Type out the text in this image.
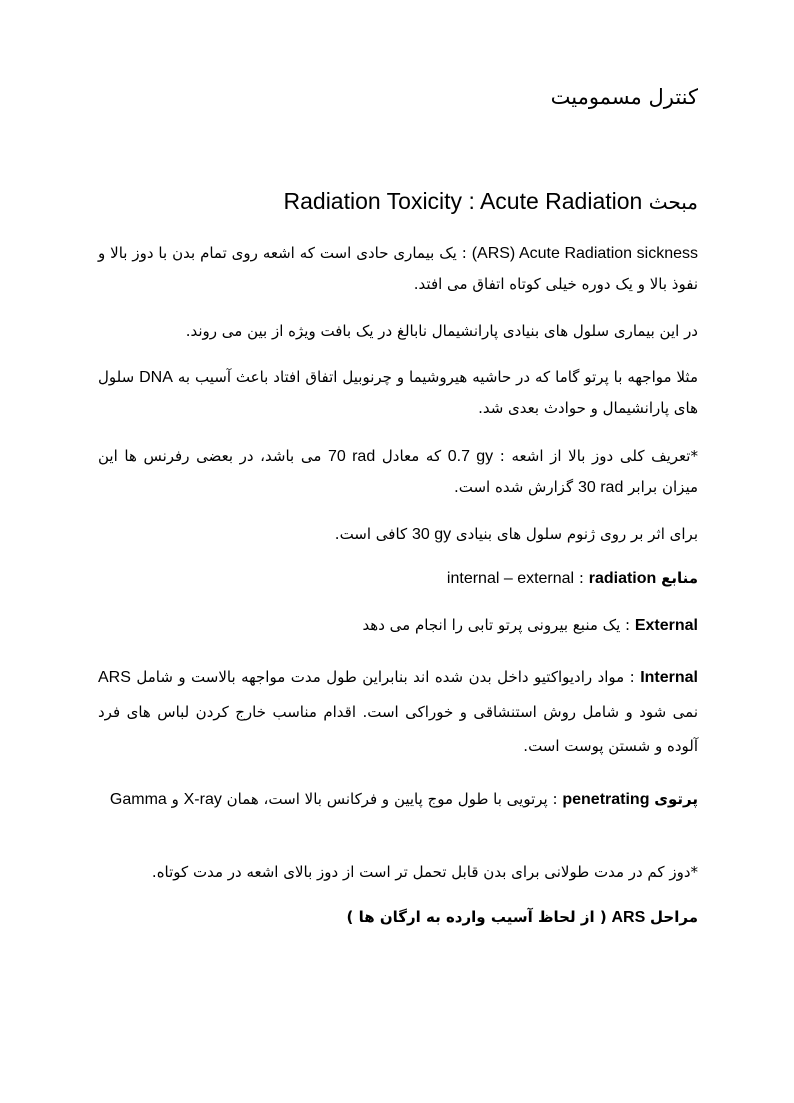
کنترل مسمومیت

مبحث Radiation Toxicity : Acute Radiation

(ARS) Acute Radiation sickness : یک بیماری حادی است که اشعه روی تمام بدن با دوز بالا و نفوذ بالا و یک دوره خیلی کوتاه اتفاق می افتد.

در این بیماری سلول های بنیادی پارانشیمال نابالغ در یک بافت ویژه از بین می روند.

مثلا مواجهه با پرتو گاما که در حاشیه هیروشیما و چرنوبیل اتفاق افتاد باعث آسیب به DNA سلول های پارانشیمال و حوادث بعدی شد.

*تعریف کلی دوز بالا از اشعه : 0.7 gy که معادل 70 rad می باشد، در بعضی رفرنس ها این میزان برابر 30 rad گزارش شده است.

برای اثر بر روی ژنوم سلول های بنیادی 30 gy کافی است.

منابع radiation : internal – external

External : یک منبع بیرونی پرتو تابی را انجام می دهد

Internal : مواد رادیواکتیو داخل بدن شده اند بنابراین طول مدت مواجهه بالاست و شامل ARS نمی شود و شامل روش استنشاقی و خوراکی است. اقدام مناسب خارج کردن لباس های فرد آلوده و شستن پوست است.

پرتوی penetrating : پرتویی با طول موج پایین و فرکانس بالا است، همان X-ray و Gamma

*دوز کم در مدت طولانی برای بدن قابل تحمل تر است از دوز بالای اشعه در مدت کوتاه.

مراحل ARS ( از لحاظ آسیب وارده به ارگان ها )
